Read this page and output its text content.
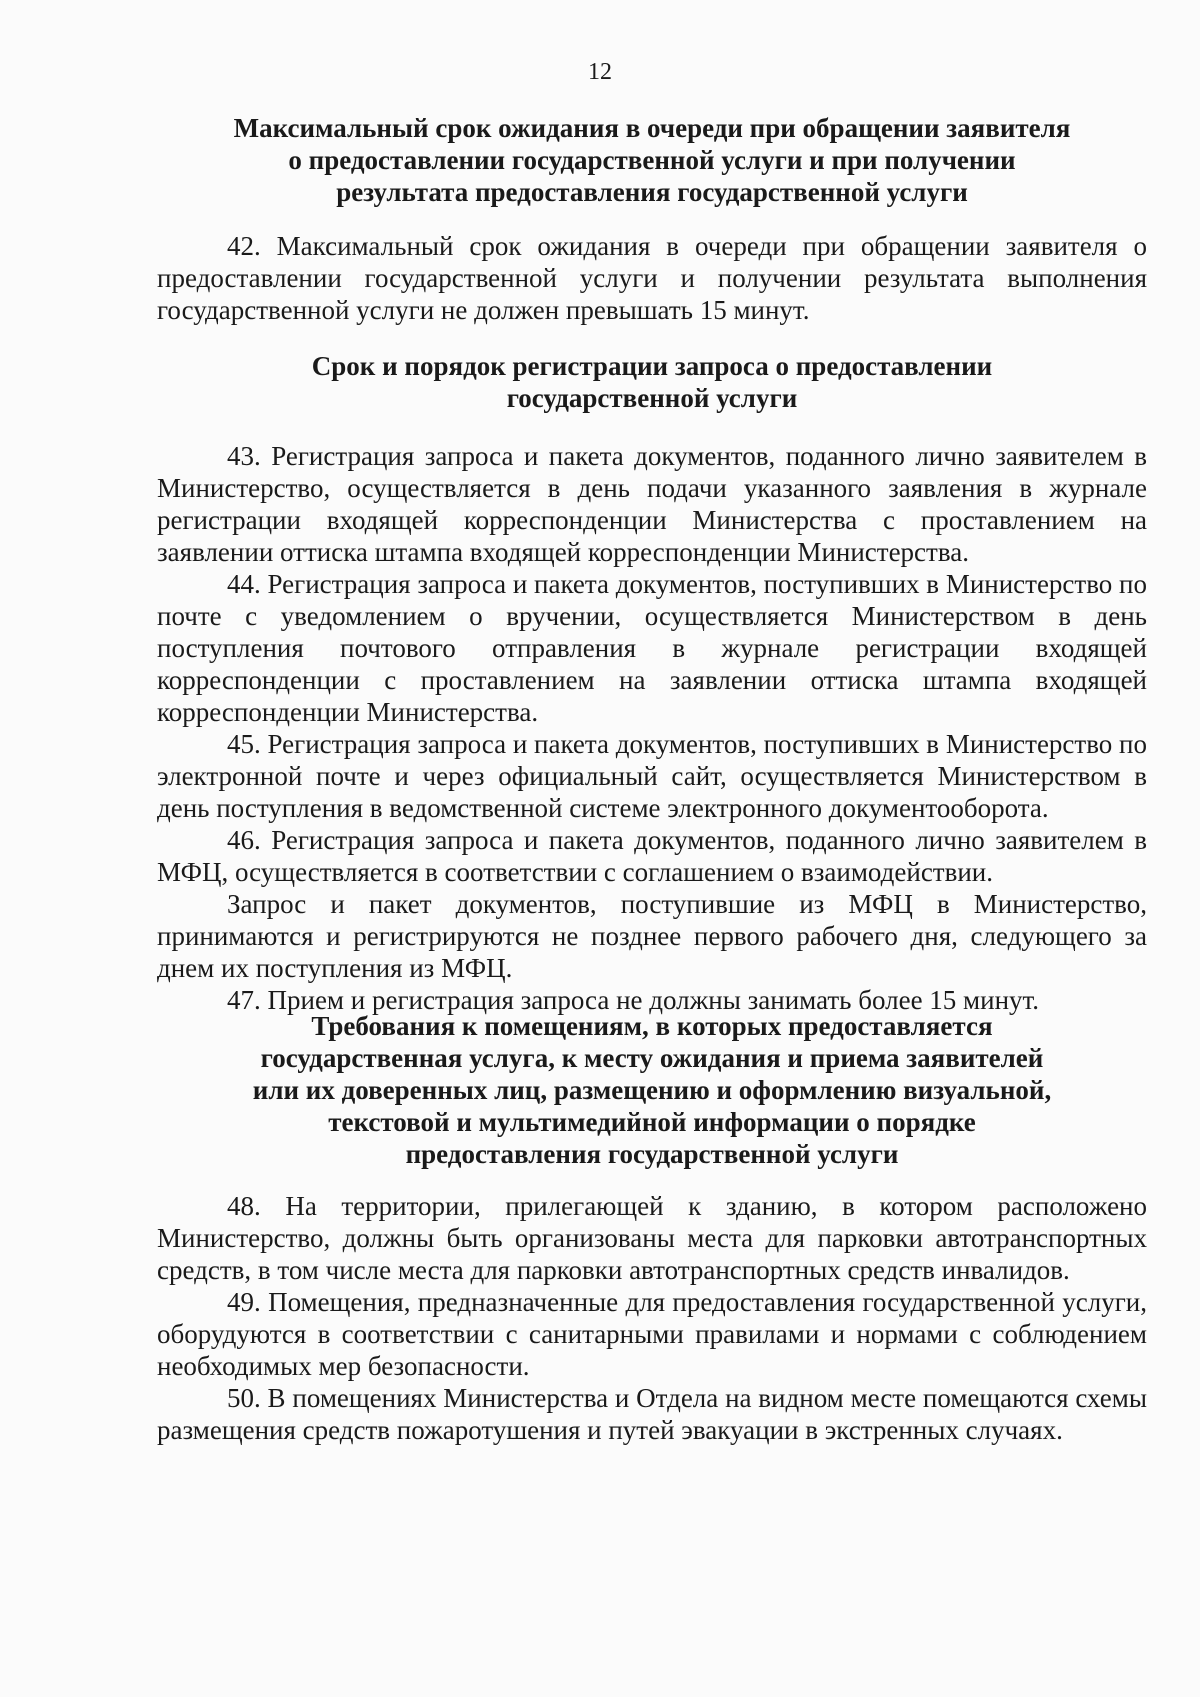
12
Максимальный срок ожидания в очереди при обращении заявителя
о предоставлении государственной услуги и при получении
результата предоставления государственной услуги

42. Максимальный срок ожидания в очереди при обращении заявителя о предоставлении государственной услуги и получении результата выполнения государственной услуги не должен превышать 15 минут.

Срок и порядок регистрации запроса о предоставлении
государственной услуги

43. Регистрация запроса и пакета документов, поданного лично заявителем в Министерство, осуществляется в день подачи указанного заявления в журнале регистрации входящей корреспонденции Министерства с проставлением на заявлении оттиска штампа входящей корреспонденции Министерства.

44. Регистрация запроса и пакета документов, поступивших в Министерство по почте с уведомлением о вручении, осуществляется Министерством в день поступления почтового отправления в журнале регистрации входящей корреспонденции с проставлением на заявлении оттиска штампа входящей корреспонденции Министерства.

45. Регистрация запроса и пакета документов, поступивших в Министерство по электронной почте и через официальный сайт, осуществляется Министерством в день поступления в ведомственной системе электронного документооборота.

46. Регистрация запроса и пакета документов, поданного лично заявителем в МФЦ, осуществляется в соответствии с соглашением о взаимодействии.

Запрос и пакет документов, поступившие из МФЦ в Министерство, принимаются и регистрируются не позднее первого рабочего дня, следующего за днем их поступления из МФЦ.

47. Прием и регистрация запроса не должны занимать более 15 минут.

Требования к помещениям, в которых предоставляется
государственная услуга, к месту ожидания и приема заявителей
или их доверенных лиц, размещению и оформлению визуальной,
текстовой и мультимедийной информации о порядке
предоставления государственной услуги

48. На территории, прилегающей к зданию, в котором расположено Министерство, должны быть организованы места для парковки автотранспортных средств, в том числе места для парковки автотранспортных средств инвалидов.

49. Помещения, предназначенные для предоставления государственной услуги, оборудуются в соответствии с санитарными правилами и нормами с соблюдением необходимых мер безопасности.

50. В помещениях Министерства и Отдела на видном месте помещаются схемы размещения средств пожаротушения и путей эвакуации в экстренных случаях.
